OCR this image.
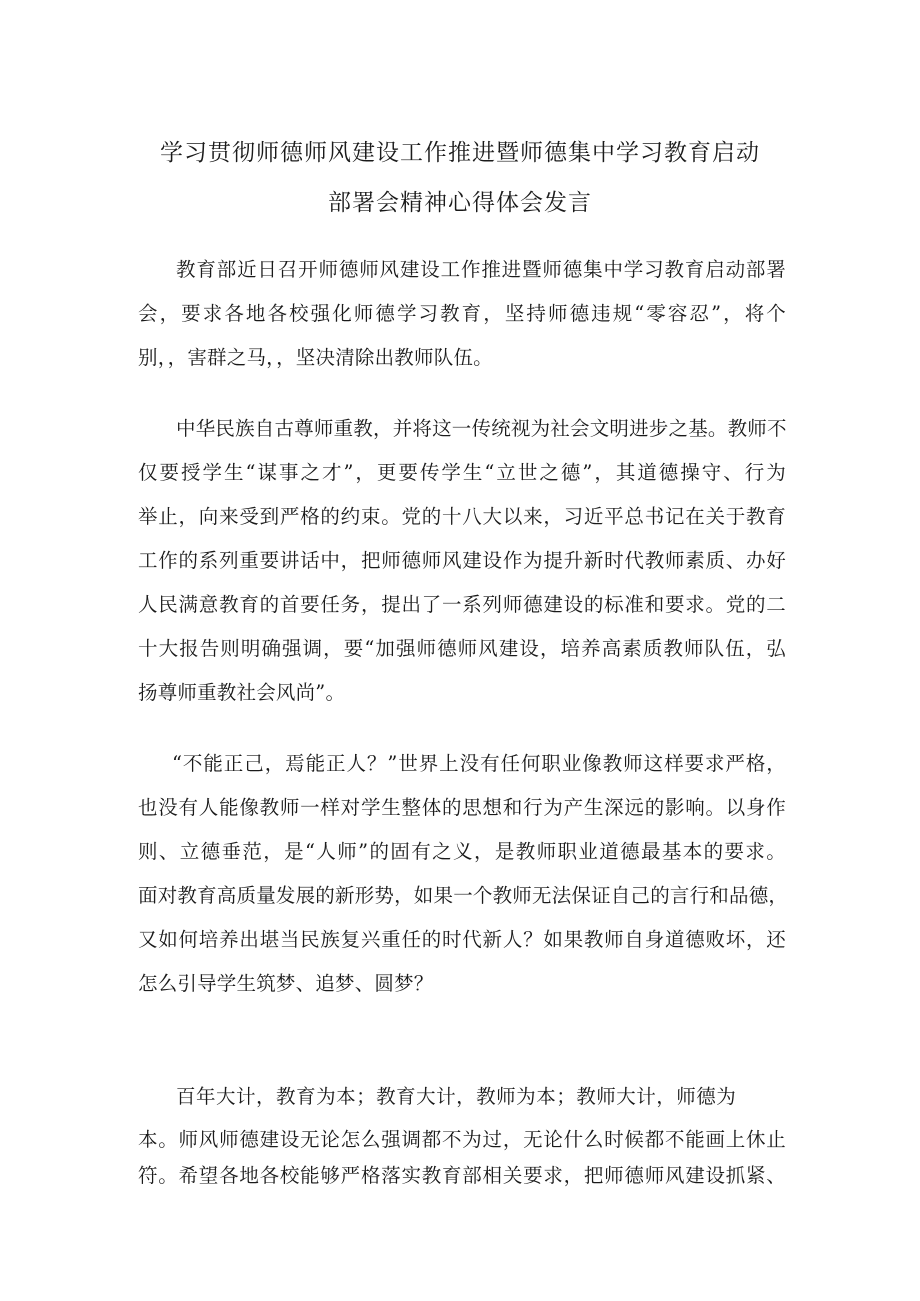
学习贯彻师德师风建设工作推进暨师德集中学习教育启动
部署会精神心得体会发言
教育部近日召开师德师风建设工作推进暨师德集中学习教育启动部署
会，要求各地各校强化师德学习教育，坚持师德违规“零容忍”，将个
别，，害群之马，，坚决清除出教师队伍。
中华民族自古尊师重教，并将这一传统视为社会文明进步之基。教师不
仅要授学生“谋事之才”，更要传学生“立世之德”，其道德操守、行为
举止，向来受到严格的约束。党的十八大以来，习近平总书记在关于教育
工作的系列重要讲话中，把师德师风建设作为提升新时代教师素质、办好
人民满意教育的首要任务，提出了一系列师德建设的标准和要求。党的二
十大报告则明确强调，要“加强师德师风建设，培养高素质教师队伍，弘
扬尊师重教社会风尚”。
“不能正己，焉能正人？”世界上没有任何职业像教师这样要求严格，
也没有人能像教师一样对学生整体的思想和行为产生深远的影响。以身作
则、立德垂范，是“人师”的固有之义，是教师职业道德最基本的要求。
面对教育高质量发展的新形势，如果一个教师无法保证自己的言行和品德，
又如何培养出堪当民族复兴重任的时代新人？如果教师自身道德败坏，还
怎么引导学生筑梦、追梦、圆梦？
百年大计，教育为本；教育大计，教师为本；教师大计，师德为
本。师风师德建设无论怎么强调都不为过，无论什么时候都不能画上休止
符。希望各地各校能够严格落实教育部相关要求，把师德师风建设抓紧、
